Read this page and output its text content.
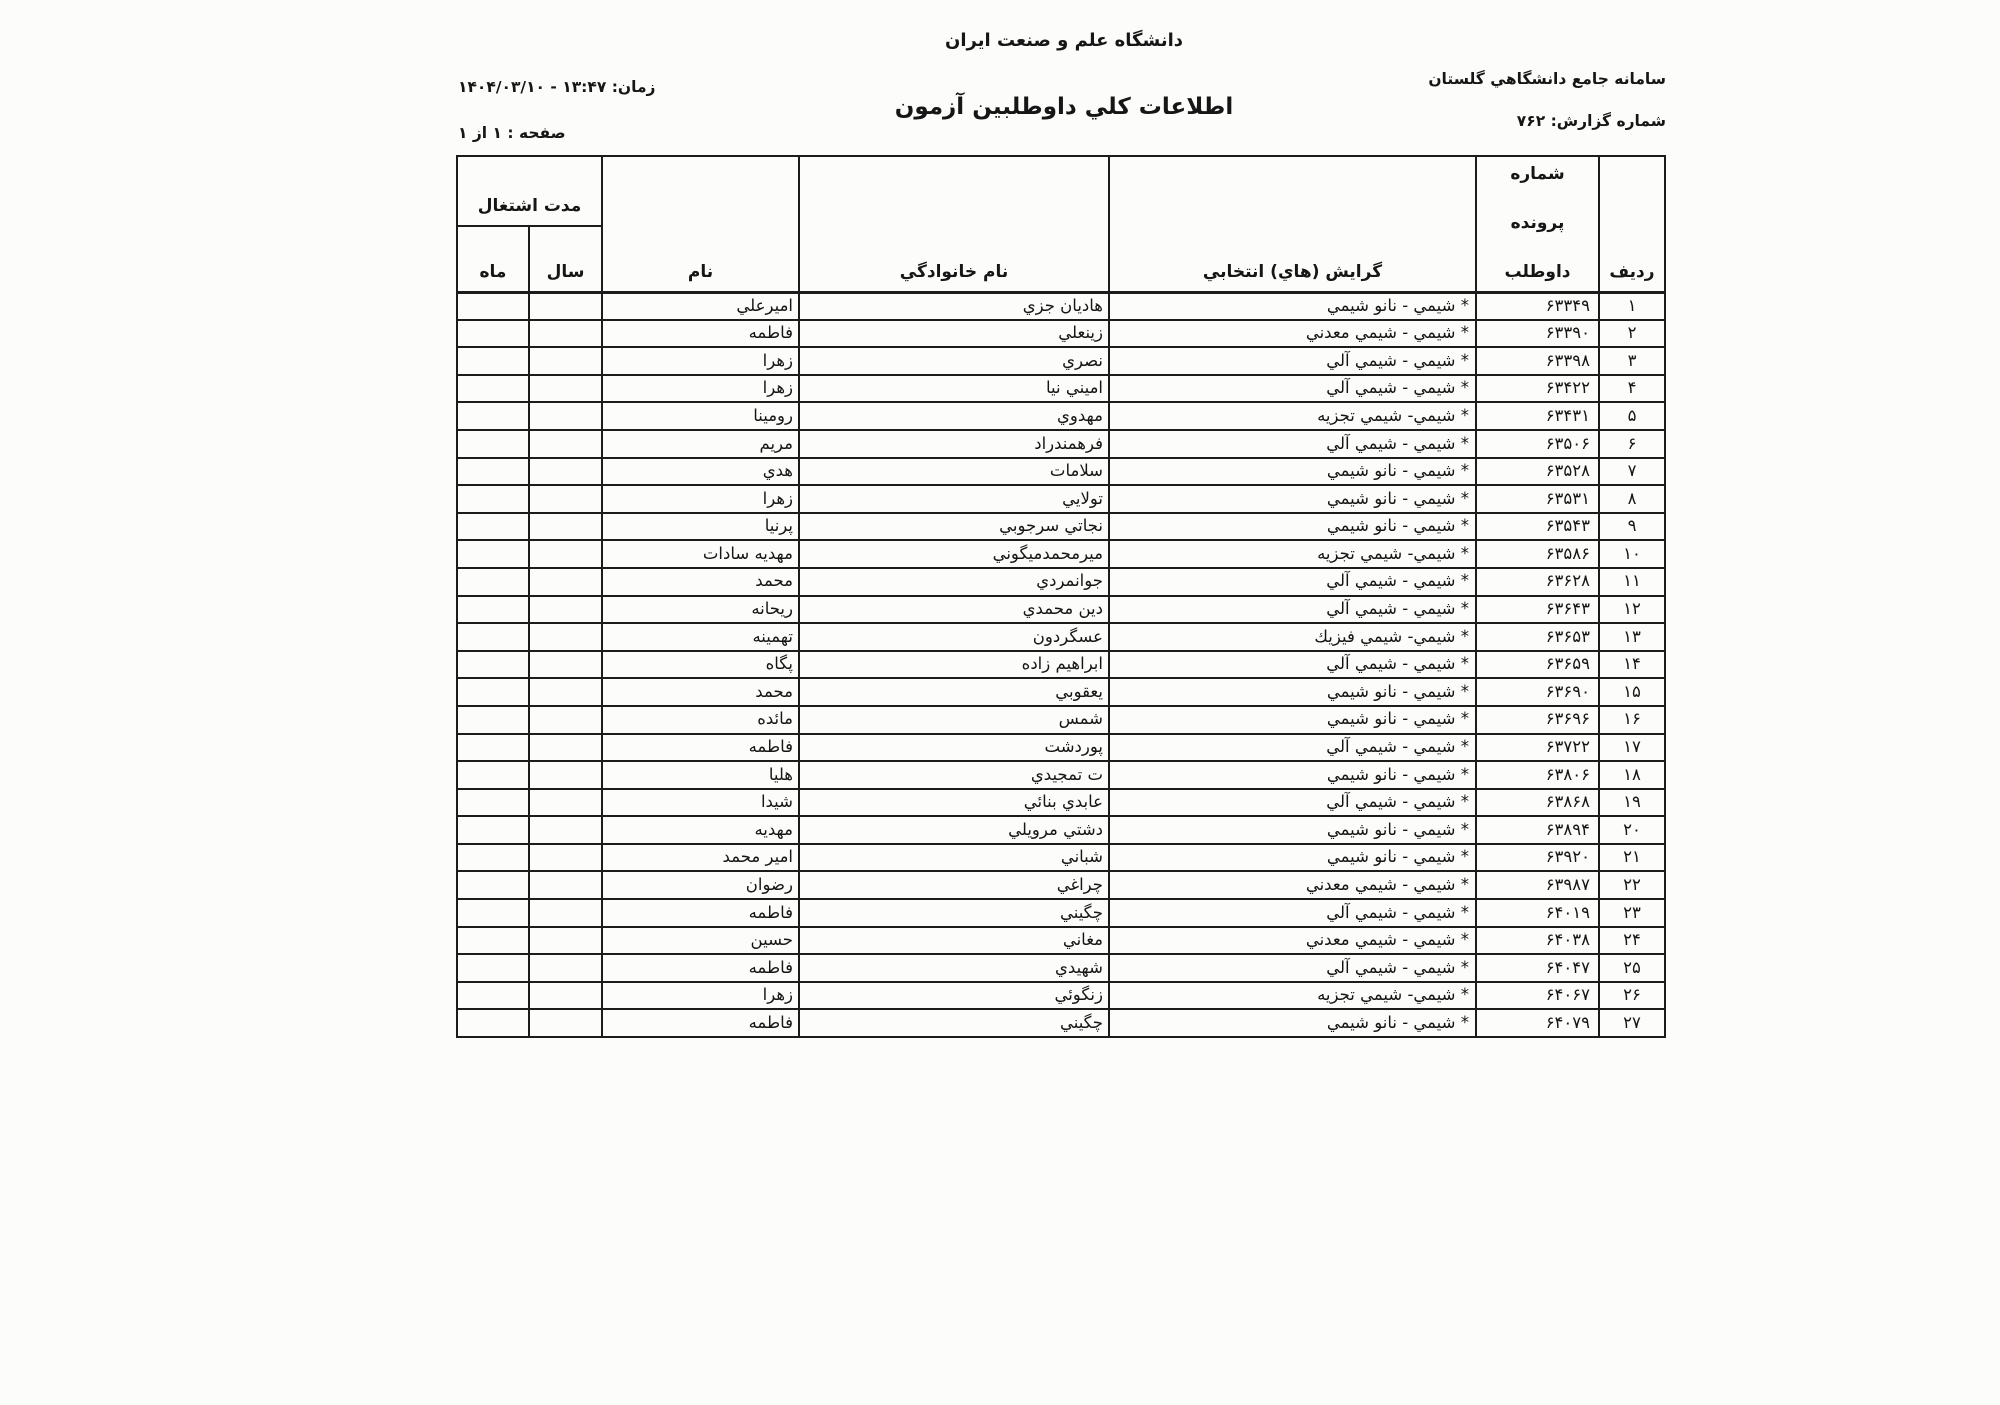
دانشگاه علم و صنعت ايران
سامانه جامع دانشگاهي گلستان
شماره گزارش: ۷۶۲
اطلاعات كلي داوطلبين آزمون
زمان: ۱۳:۴۷ - ۱۴۰۴/۰۳/۱۰
صفحه : ۱ از ۱
رديف	شماره
پرونده
داوطلب	گرايش (هاي) انتخابي	نام خانوادگي	نام	مدت اشتغال	
					سال	ماه
۱	۶۳۳۴۹	* شيمي - نانو شيمي	هاديان جزي	اميرعلي		
۲	۶۳۳۹۰	* شيمي - شيمي معدني	زينعلي	فاطمه		
۳	۶۳۳۹۸	* شيمي - شيمي آلي	نصري	زهرا		
۴	۶۳۴۲۲	* شيمي - شيمي آلي	اميني نيا	زهرا		
۵	۶۳۴۳۱	* شيمي- شيمي تجزيه	مهدوي	رومينا		
۶	۶۳۵۰۶	* شيمي - شيمي آلي	فرهمندراد	مريم		
۷	۶۳۵۲۸	* شيمي - نانو شيمي	سلامات	هدي		
۸	۶۳۵۳۱	* شيمي - نانو شيمي	تولايي	زهرا		
۹	۶۳۵۴۳	* شيمي - نانو شيمي	نجاتي سرجوبي	پرنيا		
۱۰	۶۳۵۸۶	* شيمي- شيمي تجزيه	ميرمحمدميگوني	مهديه سادات		
۱۱	۶۳۶۲۸	* شيمي - شيمي آلي	جوانمردي	محمد		
۱۲	۶۳۶۴۳	* شيمي - شيمي آلي	دين محمدي	ريحانه		
۱۳	۶۳۶۵۳	* شيمي- شيمي فيزيك	عسگردون	تهمينه		
۱۴	۶۳۶۵۹	* شيمي - شيمي آلي	ابراهيم زاده	پگاه		
۱۵	۶۳۶۹۰	* شيمي - نانو شيمي	يعقوبي	محمد		
۱۶	۶۳۶۹۶	* شيمي - نانو شيمي	شمس	مائده		
۱۷	۶۳۷۲۲	* شيمي - شيمي آلي	پوردشت	فاطمه		
۱۸	۶۳۸۰۶	* شيمي - نانو شيمي	ت تمجيدي	هليا		
۱۹	۶۳۸۶۸	* شيمي - شيمي آلي	عابدي بنائي	شيدا		
۲۰	۶۳۸۹۴	* شيمي - نانو شيمي	دشتي مرويلي	مهديه		
۲۱	۶۳۹۲۰	* شيمي - نانو شيمي	شباني	امير محمد		
۲۲	۶۳۹۸۷	* شيمي - شيمي معدني	چراغي	رضوان		
۲۳	۶۴۰۱۹	* شيمي - شيمي آلي	چگيني	فاطمه		
۲۴	۶۴۰۳۸	* شيمي - شيمي معدني	مغاني	حسين		
۲۵	۶۴۰۴۷	* شيمي - شيمي آلي	شهيدي	فاطمه		
۲۶	۶۴۰۶۷	* شيمي- شيمي تجزيه	زنگوئي	زهرا		
۲۷	۶۴۰۷۹	* شيمي - نانو شيمي	چگيني	فاطمه		
